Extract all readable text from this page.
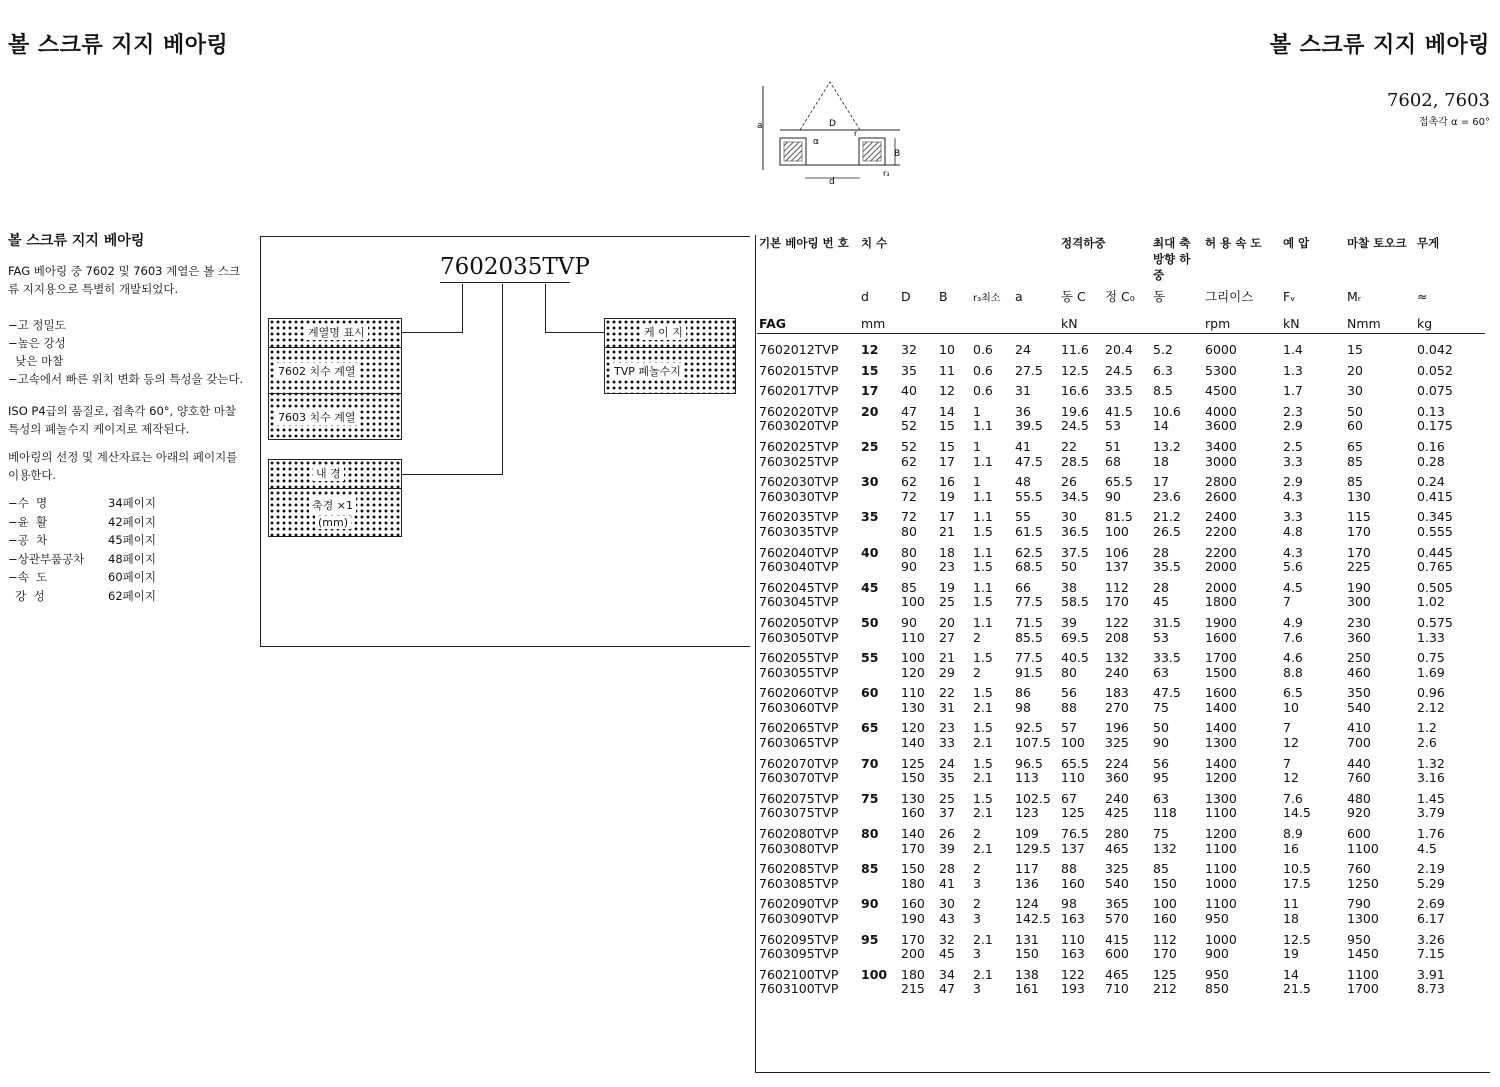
볼 스크류 지지 베아링	볼 스크류 지지 베아링
7602, 7603
접촉각 α = 60°
D
α
r
B
d
a
r₃
볼 스크류 지지 베아링

FAG 베아링 중 7602 및 7603 계열은 볼 스크류 지지용으로 특별히 개발되었다.

−고 정밀도
−높은 강성
낮은 마찰
−고속에서 빠른 위치 변화 등의 특성을 갖는다.

ISO P4급의 품질로, 접촉각 60°, 양호한 마찰 특성의 폐놀수지 케이지로 제작된다.

베아링의 선정 및 계산자료는 아래의 페이지를 이용한다.

−수  명	34페이지
−윤  활	42페이지
−공  차	45페이지
−상관부품공차	48페이지
−속  도	60페이지
강  성	62페이지
7602035TVP
계열명 표시
7602 치수 계열
7603 치수 계열
케 이 지
TVP 폐놀수지
내 경
축경 ×1
(mm)
기본 베아링 번 호	치 수					정격하중		최대 축방향 하중	허 용 속 도	예 압	마찰 토오크	무게
	d	D	B	r₃최소	a	동 C	정 C₀	동	그리이스	Fᵥ	Mᵣ	≈
FAG	mm					kN			rpm	kN	Nmm	kg
7602012TVP	12	32	10	0.6	24	11.6	20.4	5.2	6000	1.4	15	0.042
7602015TVP	15	35	11	0.6	27.5	12.5	24.5	6.3	5300	1.3	20	0.052
7602017TVP	17	40	12	0.6	31	16.6	33.5	8.5	4500	1.7	30	0.075
7602020TVP	20	47	14	1	36	19.6	41.5	10.6	4000	2.3	50	0.13
7603020TVP		52	15	1.1	39.5	24.5	53	14	3600	2.9	60	0.175
7602025TVP	25	52	15	1	41	22	51	13.2	3400	2.5	65	0.16
7603025TVP		62	17	1.1	47.5	28.5	68	18	3000	3.3	85	0.28
7602030TVP	30	62	16	1	48	26	65.5	17	2800	2.9	85	0.24
7603030TVP		72	19	1.1	55.5	34.5	90	23.6	2600	4.3	130	0.415
7602035TVP	35	72	17	1.1	55	30	81.5	21.2	2400	3.3	115	0.345
7603035TVP		80	21	1.5	61.5	36.5	100	26.5	2200	4.8	170	0.555
7602040TVP	40	80	18	1.1	62.5	37.5	106	28	2200	4.3	170	0.445
7603040TVP		90	23	1.5	68.5	50	137	35.5	2000	5.6	225	0.765
7602045TVP	45	85	19	1.1	66	38	112	28	2000	4.5	190	0.505
7603045TVP		100	25	1.5	77.5	58.5	170	45	1800	7	300	1.02
7602050TVP	50	90	20	1.1	71.5	39	122	31.5	1900	4.9	230	0.575
7603050TVP		110	27	2	85.5	69.5	208	53	1600	7.6	360	1.33
7602055TVP	55	100	21	1.5	77.5	40.5	132	33.5	1700	4.6	250	0.75
7603055TVP		120	29	2	91.5	80	240	63	1500	8.8	460	1.69
7602060TVP	60	110	22	1.5	86	56	183	47.5	1600	6.5	350	0.96
7603060TVP		130	31	2.1	98	88	270	75	1400	10	540	2.12
7602065TVP	65	120	23	1.5	92.5	57	196	50	1400	7	410	1.2
7603065TVP		140	33	2.1	107.5	100	325	90	1300	12	700	2.6
7602070TVP	70	125	24	1.5	96.5	65.5	224	56	1400	7	440	1.32
7603070TVP		150	35	2.1	113	110	360	95	1200	12	760	3.16
7602075TVP	75	130	25	1.5	102.5	67	240	63	1300	7.6	480	1.45
7603075TVP		160	37	2.1	123	125	425	118	1100	14.5	920	3.79
7602080TVP	80	140	26	2	109	76.5	280	75	1200	8.9	600	1.76
7603080TVP		170	39	2.1	129.5	137	465	132	1100	16	1100	4.5
7602085TVP	85	150	28	2	117	88	325	85	1100	10.5	760	2.19
7603085TVP		180	41	3	136	160	540	150	1000	17.5	1250	5.29
7602090TVP	90	160	30	2	124	98	365	100	1100	11	790	2.69
7603090TVP		190	43	3	142.5	163	570	160	950	18	1300	6.17
7602095TVP	95	170	32	2.1	131	110	415	112	1000	12.5	950	3.26
7603095TVP		200	45	3	150	163	600	170	900	19	1450	7.15
7602100TVP	100	180	34	2.1	138	122	465	125	950	14	1100	3.91
7603100TVP		215	47	3	161	193	710	212	850	21.5	1700	8.73
